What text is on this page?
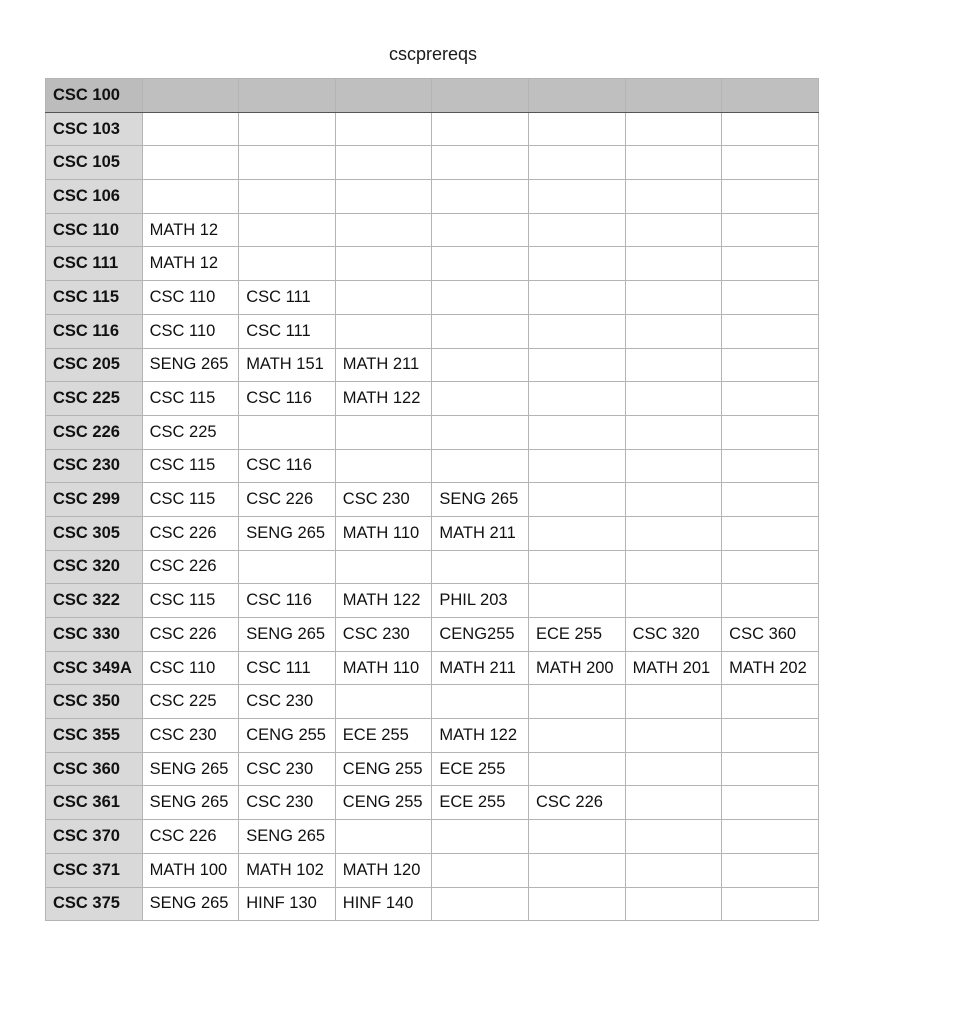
cscprereqs
CSC 100							
CSC 103							
CSC 105							
CSC 106							
CSC 110	MATH 12						
CSC 111	MATH 12						
CSC 115	CSC 110	CSC 111					
CSC 116	CSC 110	CSC 111					
CSC 205	SENG 265	MATH 151	MATH 211				
CSC 225	CSC 115	CSC 116	MATH 122				
CSC 226	CSC 225						
CSC 230	CSC 115	CSC 116					
CSC 299	CSC 115	CSC 226	CSC 230	SENG 265			
CSC 305	CSC 226	SENG 265	MATH 110	MATH 211			
CSC 320	CSC 226						
CSC 322	CSC 115	CSC 116	MATH 122	PHIL 203			
CSC 330	CSC 226	SENG 265	CSC 230	CENG255	ECE 255	CSC 320	CSC 360
CSC 349A	CSC 110	CSC 111	MATH 110	MATH 211	MATH 200	MATH 201	MATH 202
CSC 350	CSC 225	CSC 230					
CSC 355	CSC 230	CENG 255	ECE 255	MATH 122			
CSC 360	SENG 265	CSC 230	CENG 255	ECE 255			
CSC 361	SENG 265	CSC 230	CENG 255	ECE 255	CSC 226		
CSC 370	CSC 226	SENG 265					
CSC 371	MATH 100	MATH 102	MATH 120				
CSC 375	SENG 265	HINF 130	HINF 140				
